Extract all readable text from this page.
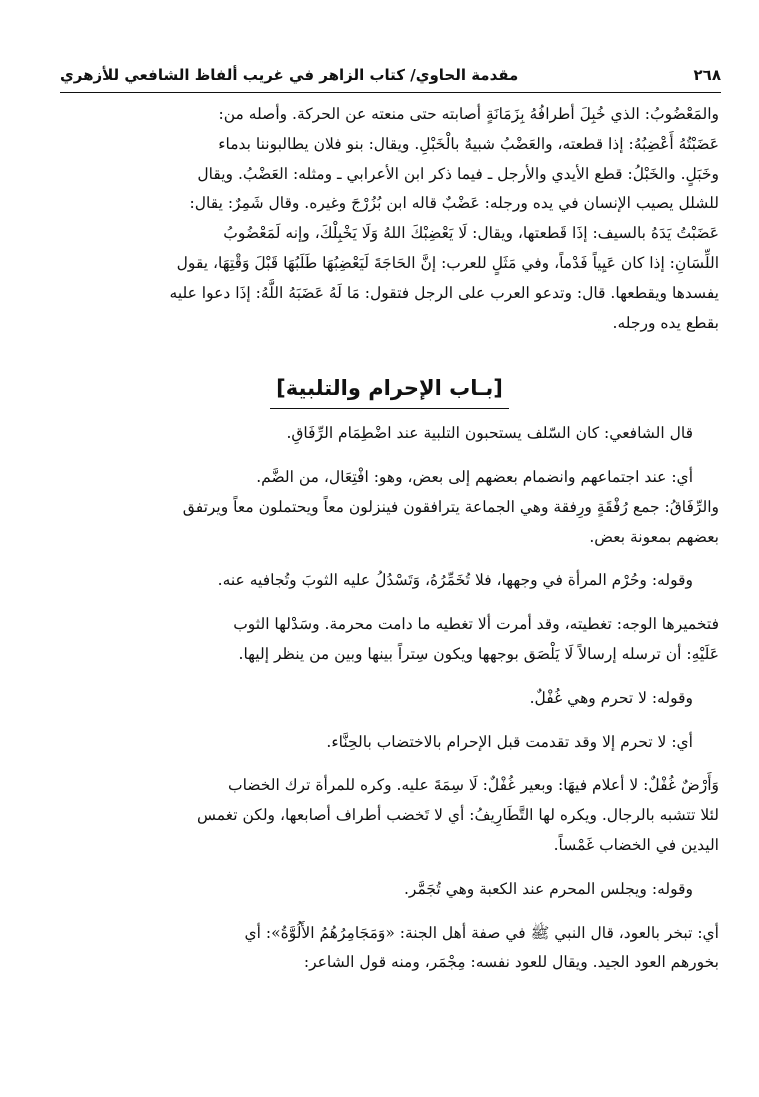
٢٦٨
مقدمة الحاوي/ كتاب الزاهر في غريب ألفاظ الشافعي للأزهري

والمَعْضُوبُ: الذي خُبِلَ أطرافُهُ بِزَمَانَةٍ أصابته حتى منعته عن الحركة. وأصله من:

عَضَبْتُهُ أَعْضِبُهُ: إذا قطعته، والعَضْبُ شبيهٌ بالْخَبْلِ. ويقال: بنو فلان يطالبوننا بدماء

وخَبَلٍ. والخَبْلُ: قطع الأيدي والأرجل ـ فيما ذكر ابن الأعرابي ـ ومثله: العَضْبُ. ويقال

للشلل يصيب الإنسان في يده ورجله: عَضْبٌ قاله ابن بُزُرْجَ وغيره. وقال شَمِرٌ: يقال:

عَضَبْتُ يَدَهُ بالسيف: إذَا قَطعتها، ويقال: لَا يَعْضِبْكَ اللهُ وَلَا يَخْبِلْكَ، وإنه لَمَعْضُوبُ

اللِّسَانِ: إذا كان عَيِياً فَدْماً، وفي مَثَلٍ للعرب: إنَّ الحَاجَةَ لَيَعْضِبُهَا طَلَبُهَا قَبْلَ وَقْتِهَا، يقول

يفسدها ويقطعها. قال: وتدعو العرب على الرجل فتقول: مَا لَهُ عَضَبَهُ اللَّهُ: إذَا دعوا عليه

بقطع يده ورجله.

[بـاب الإحرام والتلبية]

قال الشافعي: كان السّلف يستحبون التلبية عند اضْطِمَام الرِّفَاقِ.

أي: عند اجتماعهم وانضمام بعضهم إلى بعض، وهو: افْتِعَال، من الضَّم.

والرِّفَاقُ: جمع رُفْقَةٍ ورِفقة وهي الجماعة يترافقون فينزلون معاً ويحتملون معاً ويرتفق

بعضهم بمعونة بعض.

وقوله: وحُرْم المرأة في وجهها، فلا تُخَمِّرُهُ، وَتَسْدُلُ عليه الثوبَ وتُجافيه عنه.

فتخميرها الوجه: تغطيته، وقد أمرت ألا تغطيه ما دامت محرمة. وسَدْلها الثوب

عَلَيْهِ: أن ترسله إرسالاً لَا يَلْصَق بوجهها ويكون سِتراً بينها وبين من ينظر إليها.

وقوله: لا تحرم وهي غُفْلٌ.

أي: لا تحرم إلا وقد تقدمت قبل الإحرام بالاختضاب بالحِنَّاء.

وَأَرْضٌ غُفْلٌ: لا أعلام فيهَا: وبعير غُفْلٌ: لَا سِمَةَ عليه. وكره للمرأة ترك الخضاب

لئلا تتشبه بالرجال. ويكره لها التَّطَارِيفُ: أي لا تَخضب أطراف أصابعها، ولكن تغمس

اليدين في الخضاب غَمْساً.

وقوله: ويجلس المحرم عند الكعبة وهي تُجَمَّر.

أي: تبخر بالعود، قال النبي ﷺ في صفة أهل الجنة: «وَمَجَامِرُهُمُ الأَلُوَّةُ»: أي

بخورهم العود الجيد. ويقال للعود نفسه: مِجْمَر، ومنه قول الشاعر:
